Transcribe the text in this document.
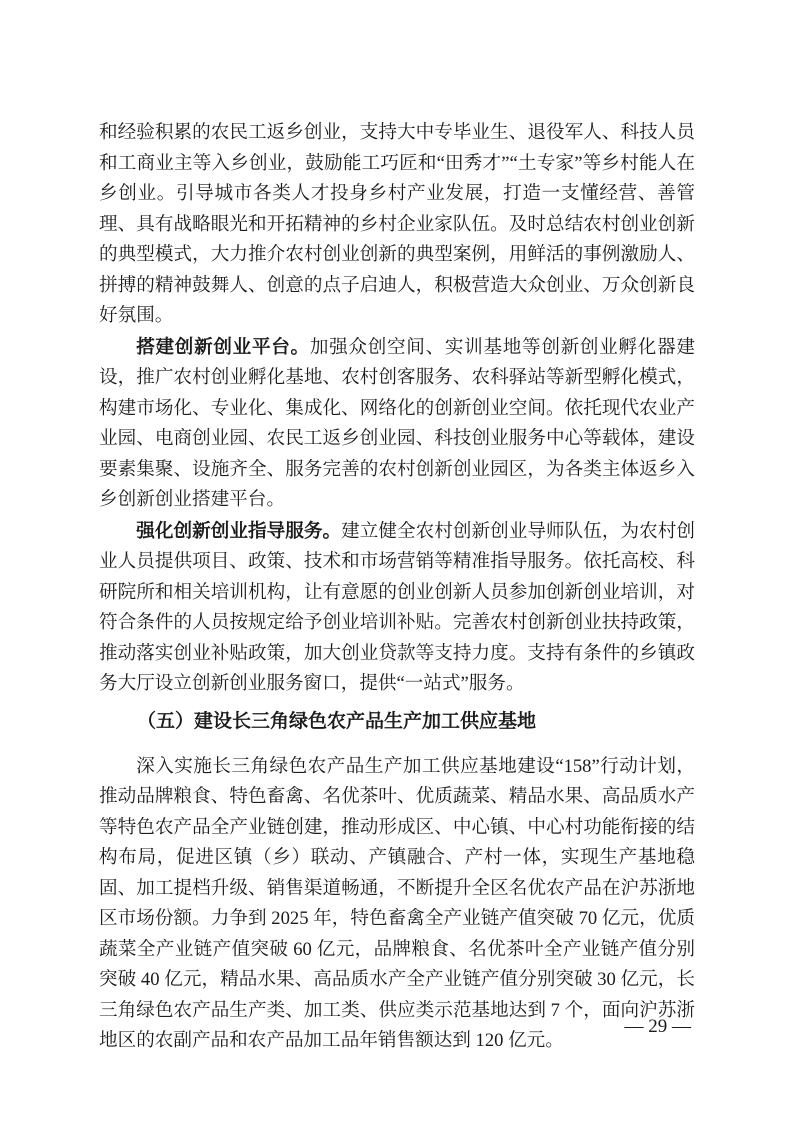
和经验积累的农民工返乡创业，支持大中专毕业生、退役军人、科技人员和工商业主等入乡创业，鼓励能工巧匠和“田秀才”“土专家”等乡村能人在乡创业。引导城市各类人才投身乡村产业发展，打造一支懂经营、善管理、具有战略眼光和开拓精神的乡村企业家队伍。及时总结农村创业创新的典型模式，大力推介农村创业创新的典型案例，用鲜活的事例激励人、拼搏的精神鼓舞人、创意的点子启迪人，积极营造大众创业、万众创新良好氛围。

搭建创新创业平台。加强众创空间、实训基地等创新创业孵化器建设，推广农村创业孵化基地、农村创客服务、农科驿站等新型孵化模式，构建市场化、专业化、集成化、网络化的创新创业空间。依托现代农业产业园、电商创业园、农民工返乡创业园、科技创业服务中心等载体，建设要素集聚、设施齐全、服务完善的农村创新创业园区，为各类主体返乡入乡创新创业搭建平台。

强化创新创业指导服务。建立健全农村创新创业导师队伍，为农村创业人员提供项目、政策、技术和市场营销等精准指导服务。依托高校、科研院所和相关培训机构，让有意愿的创业创新人员参加创新创业培训，对符合条件的人员按规定给予创业培训补贴。完善农村创新创业扶持政策，推动落实创业补贴政策，加大创业贷款等支持力度。支持有条件的乡镇政务大厅设立创新创业服务窗口，提供“一站式”服务。

（五）建设长三角绿色农产品生产加工供应基地

深入实施长三角绿色农产品生产加工供应基地建设“158”行动计划，推动品牌粮食、特色畜禽、名优茶叶、优质蔬菜、精品水果、高品质水产等特色农产品全产业链创建，推动形成区、中心镇、中心村功能衔接的结构布局，促进区镇（乡）联动、产镇融合、产村一体，实现生产基地稳固、加工提档升级、销售渠道畅通，不断提升全区名优农产品在沪苏浙地区市场份额。力争到 2025 年，特色畜禽全产业链产值突破 70 亿元，优质蔬菜全产业链产值突破 60 亿元，品牌粮食、名优茶叶全产业链产值分别突破 40 亿元，精品水果、高品质水产全产业链产值分别突破 30 亿元，长三角绿色农产品生产类、加工类、供应类示范基地达到 7 个，面向沪苏浙地区的农副产品和农产品加工品年销售额达到 120 亿元。

— 29 —
